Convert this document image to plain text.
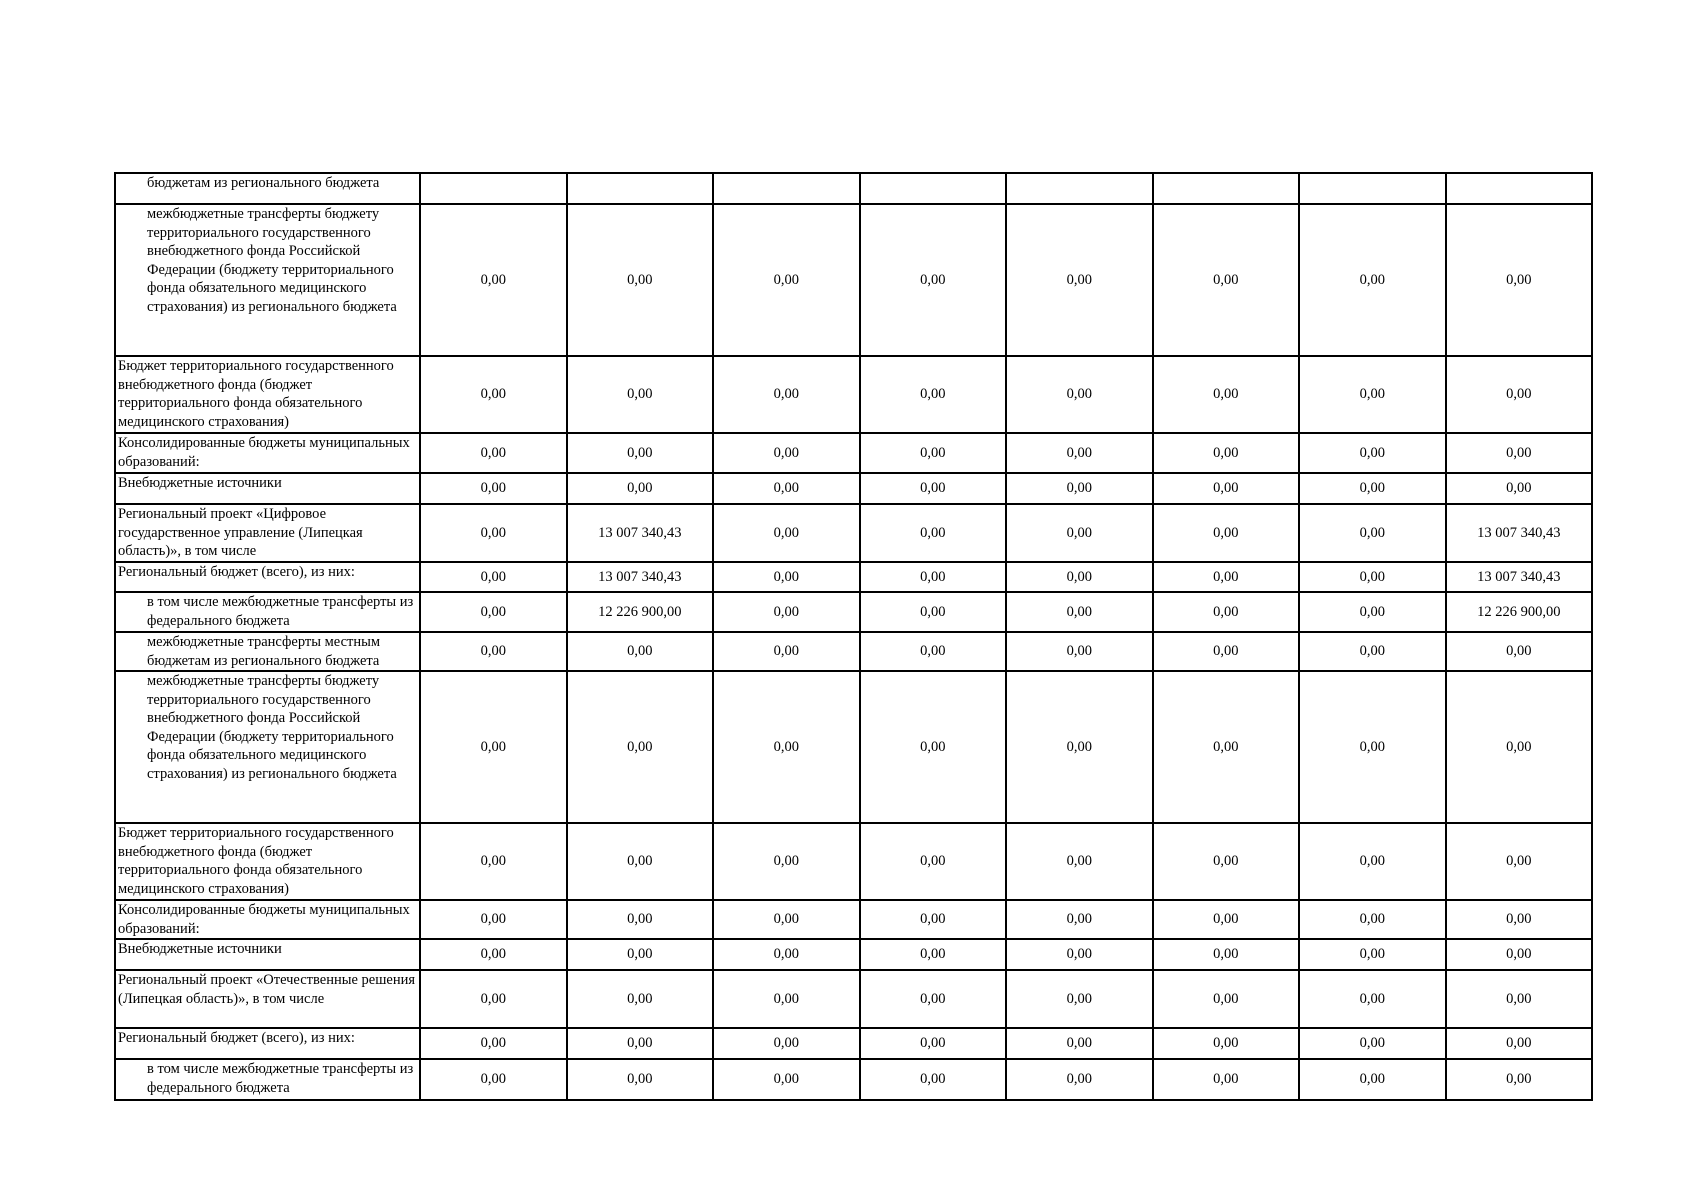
бюджетам из регионального бюджета								
межбюджетные трансферты бюджету территориального государственного внебюджетного фонда Российской Федерации (бюджету территориального фонда обязательного медицинского страхования) из регионального бюджета	0,00	0,00	0,00	0,00	0,00	0,00	0,00	0,00
Бюджет территориального государственного внебюджетного фонда (бюджет территориального фонда обязательного медицинского страхования)	0,00	0,00	0,00	0,00	0,00	0,00	0,00	0,00
Консолидированные бюджеты муниципальных образований:	0,00	0,00	0,00	0,00	0,00	0,00	0,00	0,00
Внебюджетные источники	0,00	0,00	0,00	0,00	0,00	0,00	0,00	0,00
Региональный проект «Цифровое государственное управление (Липецкая область)», в том числе	0,00	13 007 340,43	0,00	0,00	0,00	0,00	0,00	13 007 340,43
Региональный бюджет (всего), из них:	0,00	13 007 340,43	0,00	0,00	0,00	0,00	0,00	13 007 340,43
в том числе межбюджетные трансферты из федерального бюджета	0,00	12 226 900,00	0,00	0,00	0,00	0,00	0,00	12 226 900,00
межбюджетные трансферты местным бюджетам из регионального бюджета	0,00	0,00	0,00	0,00	0,00	0,00	0,00	0,00
межбюджетные трансферты бюджету территориального государственного внебюджетного фонда Российской Федерации (бюджету территориального фонда обязательного медицинского страхования) из регионального бюджета	0,00	0,00	0,00	0,00	0,00	0,00	0,00	0,00
Бюджет территориального государственного внебюджетного фонда (бюджет территориального фонда обязательного медицинского страхования)	0,00	0,00	0,00	0,00	0,00	0,00	0,00	0,00
Консолидированные бюджеты муниципальных образований:	0,00	0,00	0,00	0,00	0,00	0,00	0,00	0,00
Внебюджетные источники	0,00	0,00	0,00	0,00	0,00	0,00	0,00	0,00
Региональный проект «Отечественные решения (Липецкая область)», в том числе	0,00	0,00	0,00	0,00	0,00	0,00	0,00	0,00
Региональный бюджет (всего), из них:	0,00	0,00	0,00	0,00	0,00	0,00	0,00	0,00
в том числе межбюджетные трансферты из федерального бюджета	0,00	0,00	0,00	0,00	0,00	0,00	0,00	0,00
